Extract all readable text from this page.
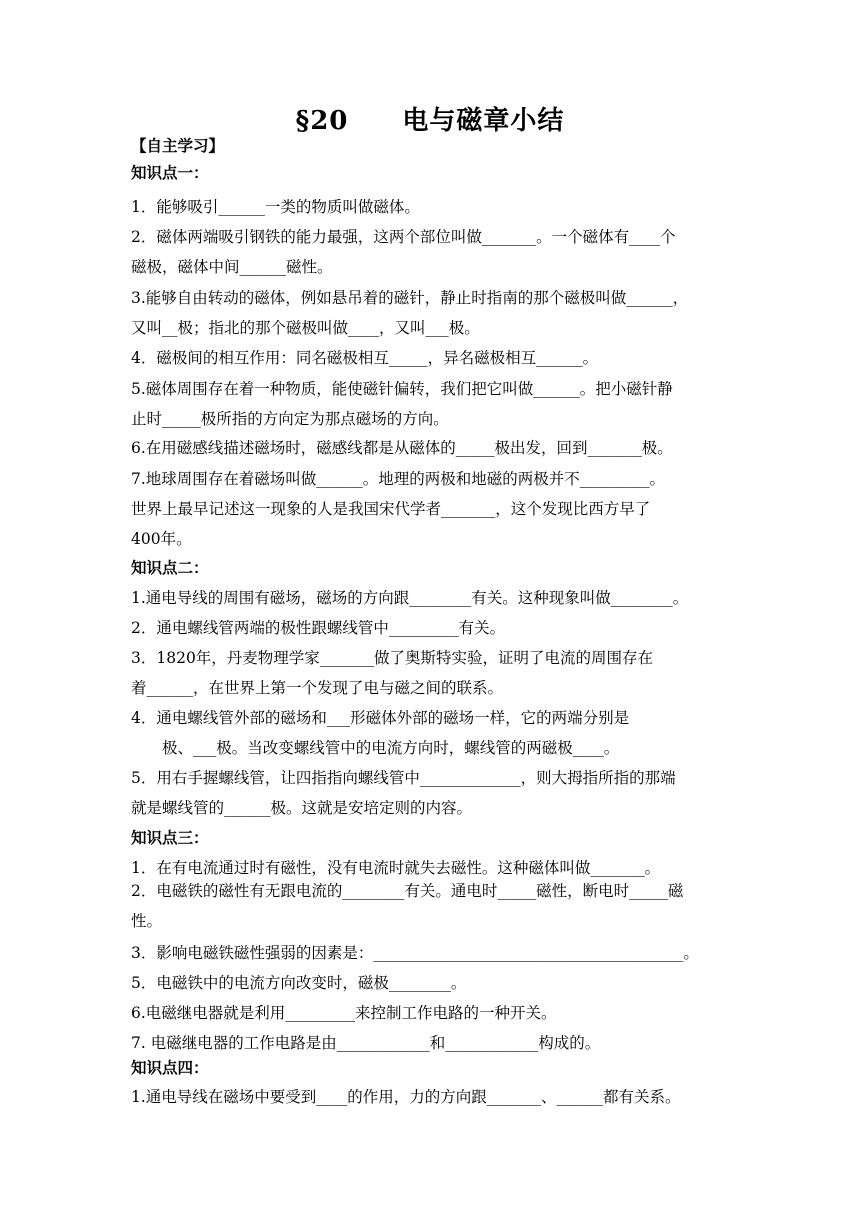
§20　　电与磁章小结
【自主学习】
知识点一：
1．能够吸引______一类的物质叫做磁体。
2．磁体两端吸引钢铁的能力最强，这两个部位叫做_______。一个磁体有____个
磁极，磁体中间______磁性。
3.能够自由转动的磁体，例如悬吊着的磁针，静止时指南的那个磁极叫做______，
又叫__极；指北的那个磁极叫做____，又叫___极。
4．磁极间的相互作用：同名磁极相互_____，异名磁极相互______。
5.磁体周围存在着一种物质，能使磁针偏转，我们把它叫做______。把小磁针静
止时_____极所指的方向定为那点磁场的方向。
6.在用磁感线描述磁场时，磁感线都是从磁体的_____极出发，回到_______极。
7.地球周围存在着磁场叫做______。地理的两极和地磁的两极并不_________。
世界上最早记述这一现象的人是我国宋代学者_______，这个发现比西方早了
400年。
知识点二：
1.通电导线的周围有磁场，磁场的方向跟________有关。这种现象叫做________。
2．通电螺线管两端的极性跟螺线管中_________有关。
3．1820年，丹麦物理学家_______做了奥斯特实验，证明了电流的周围存在
着______，在世界上第一个发现了电与磁之间的联系。
4．通电螺线管外部的磁场和___形磁体外部的磁场一样，它的两端分别是
　　极、___极。当改变螺线管中的电流方向时，螺线管的两磁极____。
5．用右手握螺线管，让四指指向螺线管中_____________，则大拇指所指的那端
就是螺线管的______极。这就是安培定则的内容。
知识点三：
1．在有电流通过时有磁性，没有电流时就失去磁性。这种磁体叫做_______。
2．电磁铁的磁性有无跟电流的________有关。通电时_____磁性，断电时_____磁
性。
3．影响电磁铁磁性强弱的因素是：________________________________________。
5．电磁铁中的电流方向改变时，磁极________。
6.电磁继电器就是利用_________来控制工作电路的一种开关。
7. 电磁继电器的工作电路是由____________和____________构成的。
知识点四：
1.通电导线在磁场中要受到____的作用，力的方向跟_______、______都有关系。
